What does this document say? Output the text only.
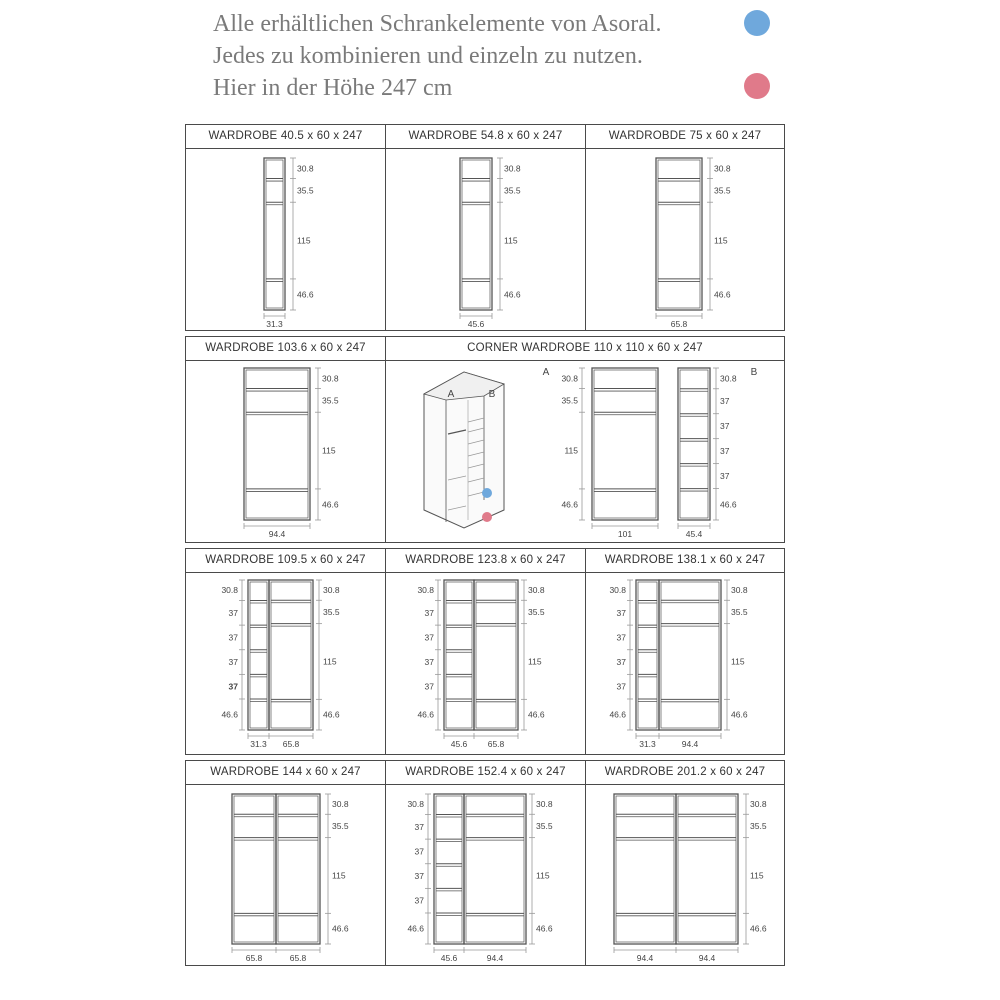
Alle erhältlichen Schrankelemente von Asoral.
Jedes zu kombinieren und einzeln zu nutzen.
Hier in der Höhe 247 cm
WARDROBE 40.5 x 60 x 247
30.8
35.5
115
46.6
31.3
WARDROBE 54.8 x 60 x 247
30.8
35.5
115
46.6
45.6
WARDROBDE 75 x 60 x 247
30.8
35.5
115
46.6
65.8
WARDROBE 103.6 x 60 x 247
30.8
35.5
115
46.6
94.4
CORNER WARDROBE 110 x 110 x 60 x 247
A	B
A
30.8
35.5
115
46.6
101
30.8
37
37
37
37
46.6
45.4
B
WARDROBE 109.5 x 60 x 247
30.8
37
37
37
37
46.6
30.8
35.5
115
46.6
31.3 65.8
WARDROBE 123.8 x 60 x 247
30.8
37
37
37
37
46.6
30.8
35.5
115
46.6
45.6 65.8
WARDROBE 138.1 x 60 x 247
30.8
37
37
37
37
46.6
30.8
35.5
115
46.6
31.3	94.4
WARDROBE 144 x 60 x 247
30.8
35.5
115
46.6
65.8	65.8
WARDROBE 152.4 x 60 x 247
30.8
37
37
37
37
46.6
30.8
35.5
115
46.6
45.6	94.4
WARDROBE 201.2 x 60 x 247
30.8
35.5
115
46.6
94.4	94.4
